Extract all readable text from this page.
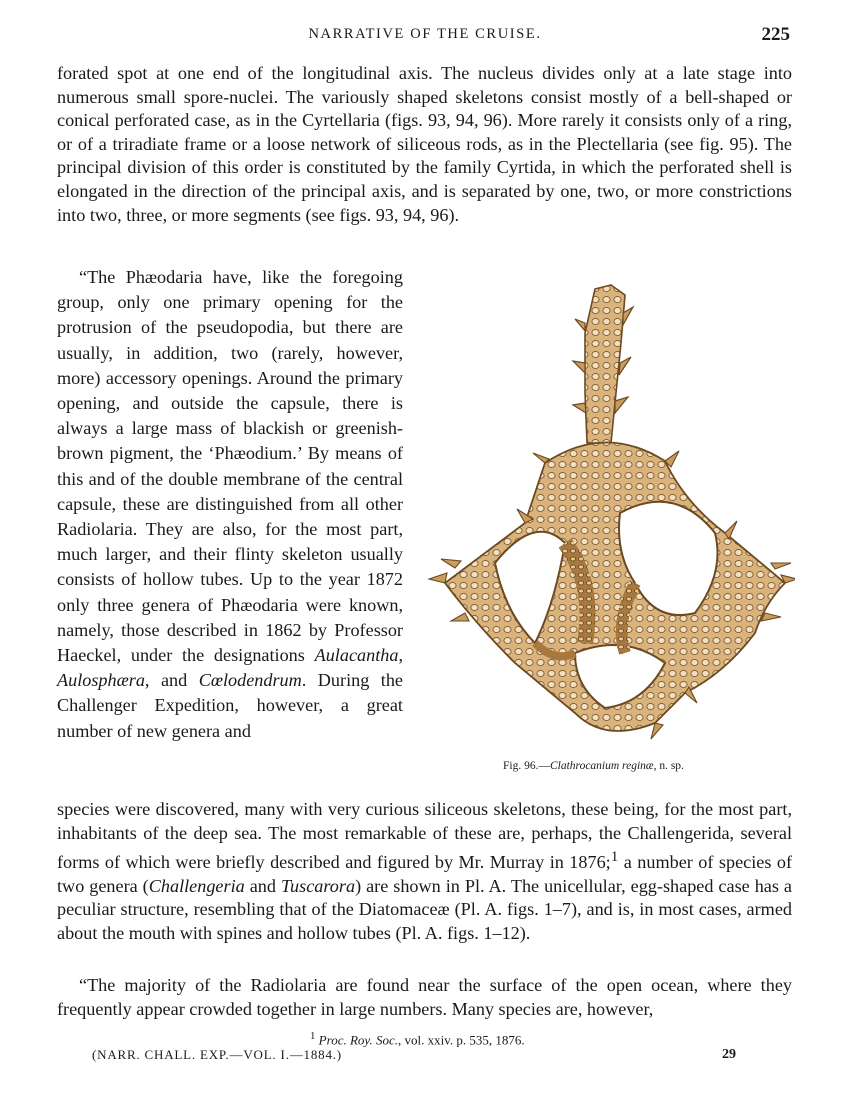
NARRATIVE OF THE CRUISE.	225

forated spot at one end of the longitudinal axis. The nucleus divides only at a late stage into numerous small spore-nuclei. The variously shaped skeletons consist mostly of a bell-shaped or conical perforated case, as in the Cyrtellaria (figs. 93, 94, 96). More rarely it consists only of a ring, or of a triradiate frame or a loose network of siliceous rods, as in the Plectellaria (see fig. 95). The principal division of this order is constituted by the family Cyrtida, in which the perforated shell is elongated in the direction of the principal axis, and is separated by one, two, or more constrictions into two, three, or more segments (see figs. 93, 94, 96).

“The Phæodaria have, like the foregoing group, only one primary opening for the protrusion of the pseudopodia, but there are usually, in addition, two (rarely, however, more) accessory openings. Around the primary opening, and outside the capsule, there is always a large mass of blackish or greenish-brown pigment, the ‘Phæodium.’ By means of this and of the double membrane of the central capsule, these are distinguished from all other Radiolaria. They are also, for the most part, much larger, and their flinty skeleton usually consists of hollow tubes. Up to the year 1872 only three genera of Phæodaria were known, namely, those described in 1862 by Professor Haeckel, under the designations Aulacantha, Aulosphæra, and Cœlodendrum. During the Challenger Expedition, however, a great number of new genera and

Fig. 96.—Clathrocanium reginæ, n. sp.

species were discovered, many with very curious siliceous skeletons, these being, for the most part, inhabitants of the deep sea. The most remarkable of these are, perhaps, the Challengerida, several forms of which were briefly described and figured by Mr. Murray in 1876;$^1$ a number of species of two genera (Challengeria and Tuscarora) are shown in Pl. A. The unicellular, egg-shaped case has a peculiar structure, resembling that of the Diatomaceæ (Pl. A. figs. 1–7), and is, in most cases, armed about the mouth with spines and hollow tubes (Pl. A. figs. 1–12).

“The majority of the Radiolaria are found near the surface of the open ocean, where they frequently appear crowded together in large numbers. Many species are, however,

$^1$ Proc. Roy. Soc., vol. xxiv. p. 535, 1876.
(NARR. CHALL. EXP.—VOL. I.—1884.)	29
